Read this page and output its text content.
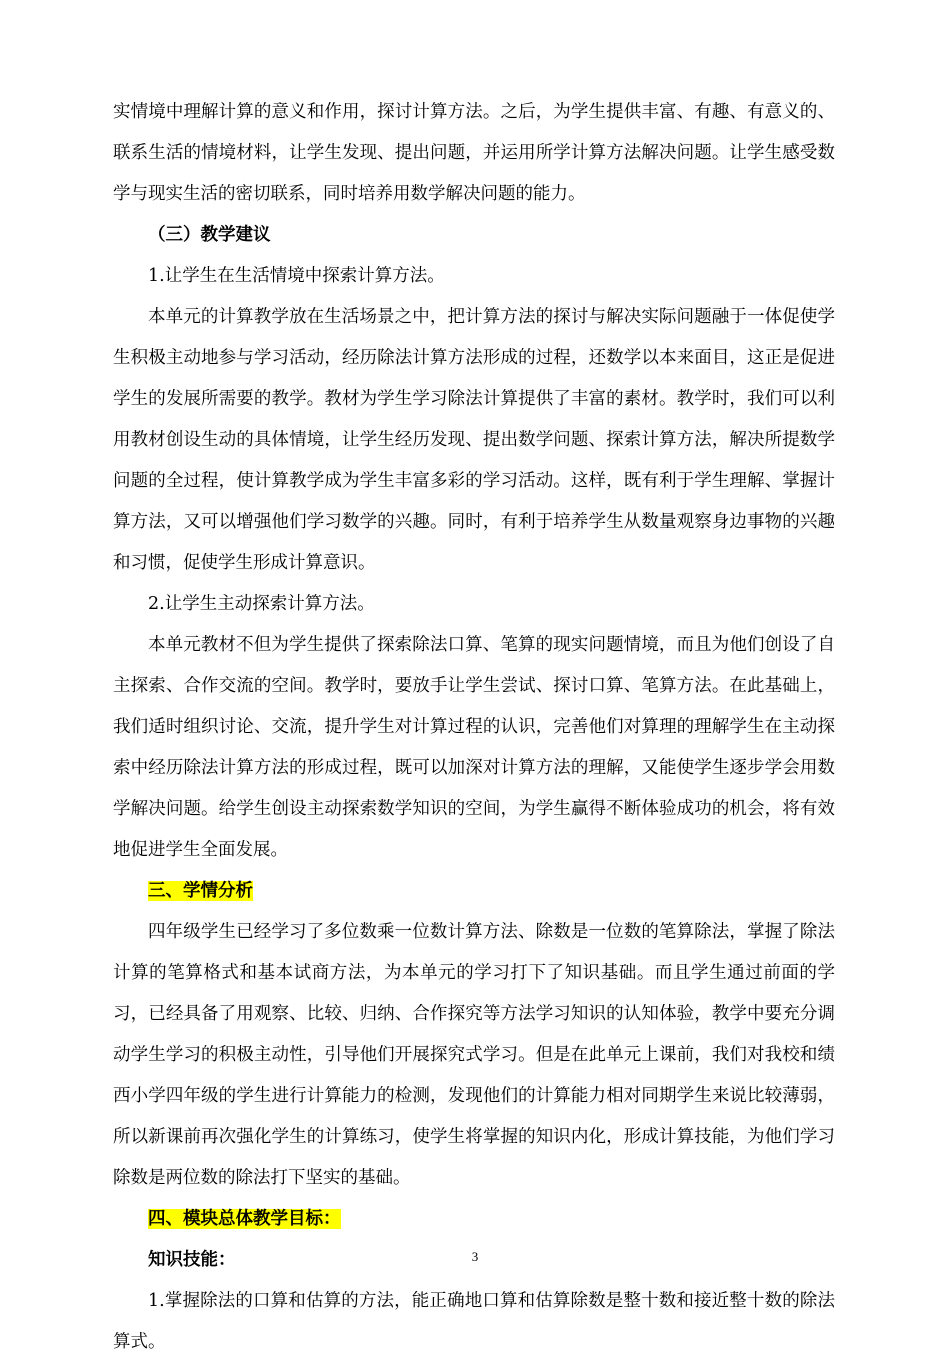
实情境中理解计算的意义和作用，探讨计算方法。之后，为学生提供丰富、有趣、有意义的、联系生活的情境材料，让学生发现、提出问题，并运用所学计算方法解决问题。让学生感受数学与现实生活的密切联系，同时培养用数学解决问题的能力。

（三）教学建议

1.让学生在生活情境中探索计算方法。

本单元的计算教学放在生活场景之中，把计算方法的探讨与解决实际问题融于一体促使学生积极主动地参与学习活动，经历除法计算方法形成的过程，还数学以本来面目，这正是促进学生的发展所需要的教学。教材为学生学习除法计算提供了丰富的素材。教学时，我们可以利用教材创设生动的具体情境，让学生经历发现、提出数学问题、探索计算方法，解决所提数学问题的全过程，使计算教学成为学生丰富多彩的学习活动。这样，既有利于学生理解、掌握计算方法，又可以增强他们学习数学的兴趣。同时，有利于培养学生从数量观察身边事物的兴趣和习惯，促使学生形成计算意识。

2.让学生主动探索计算方法。

本单元教材不但为学生提供了探索除法口算、笔算的现实问题情境，而且为他们创设了自主探索、合作交流的空间。教学时，要放手让学生尝试、探讨口算、笔算方法。在此基础上，我们适时组织讨论、交流，提升学生对计算过程的认识，完善他们对算理的理解学生在主动探索中经历除法计算方法的形成过程，既可以加深对计算方法的理解，又能使学生逐步学会用数学解决问题。给学生创设主动探索数学知识的空间，为学生赢得不断体验成功的机会，将有效地促进学生全面发展。

三、学情分析

四年级学生已经学习了多位数乘一位数计算方法、除数是一位数的笔算除法，掌握了除法计算的笔算格式和基本试商方法，为本单元的学习打下了知识基础。而且学生通过前面的学习，已经具备了用观察、比较、归纳、合作探究等方法学习知识的认知体验，教学中要充分调动学生学习的积极主动性，引导他们开展探究式学习。但是在此单元上课前，我们对我校和绩西小学四年级的学生进行计算能力的检测，发现他们的计算能力相对同期学生来说比较薄弱，所以新课前再次强化学生的计算练习，使学生将掌握的知识内化，形成计算技能，为他们学习除数是两位数的除法打下坚实的基础。

四、模块总体教学目标：

知识技能：

1.掌握除法的口算和估算的方法，能正确地口算和估算除数是整十数和接近整十数的除法算式。

3
